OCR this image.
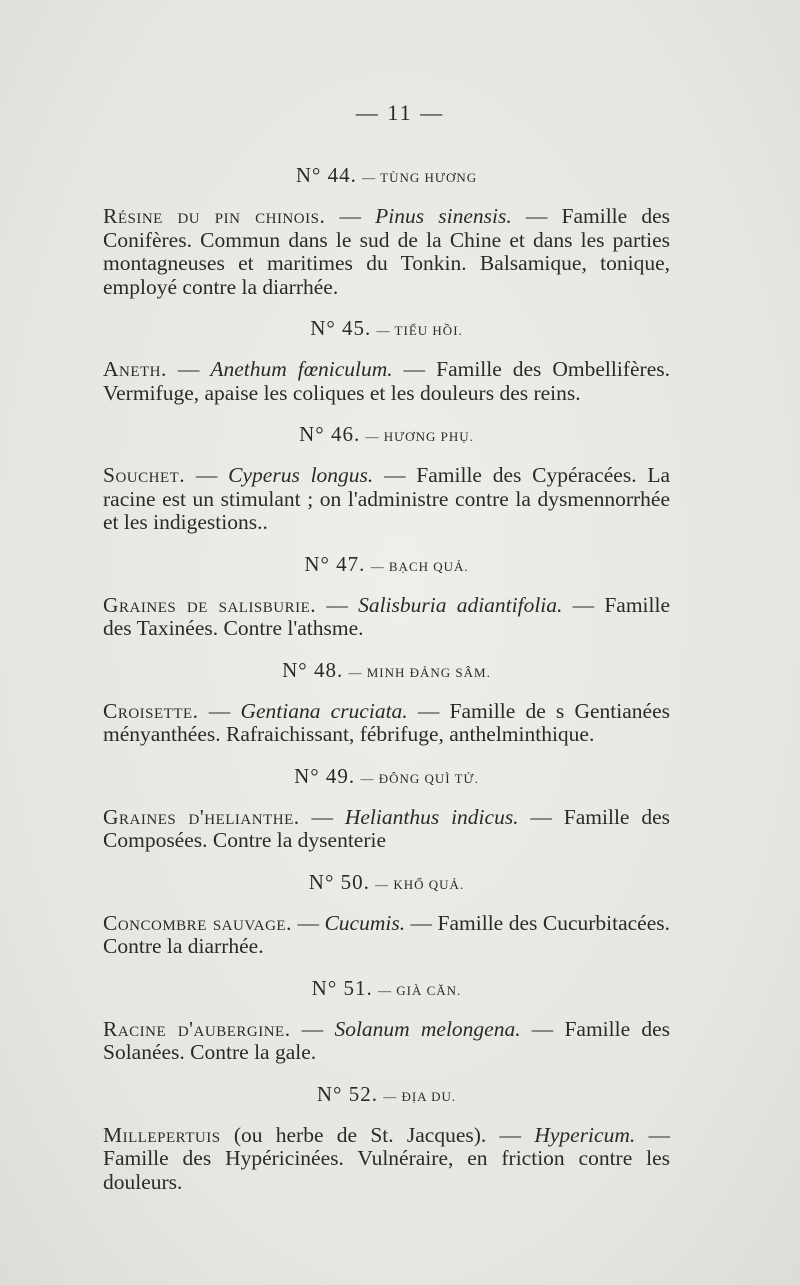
— 11 —
N° 44. — TÙNG HƯƠNG

Résine du pin chinois. — Pinus sinensis. — Famille des Conifères. Commun dans le sud de la Chine et dans les parties montagneuses et maritimes du Tonkin. Balsamique, tonique, employé contre la diarrhée.

N° 45. — TIỂU HỒI.

Aneth. — Anethum fœniculum. — Famille des Ombellifères. Vermifuge, apaise les coliques et les douleurs des reins.

N° 46. — HƯƠNG PHỤ.

Souchet. — Cyperus longus. — Famille des Cypéracées. La racine est un stimulant ; on l'administre contre la dysmennorrhée et les indigestions..

N° 47. — BẠCH QUẢ.

Graines de salisburie. — Salisburia adiantifolia. — Famille des Taxinées. Contre l'athsme.

N° 48. — MINH ĐẢNG SÂM.

Croisette. — Gentiana cruciata. — Famille de s Gentianées ményanthées. Rafraichissant, fébrifuge, anthelminthique.

N° 49. — ĐÔNG QUÌ TỬ.

Graines d'helianthe. — Helianthus indicus. — Famille des Composées. Contre la dysenterie

N° 50. — KHỔ QUẢ.

Concombre sauvage. — Cucumis. — Famille des Cucurbitacées. Contre la diarrhée.

N° 51. — GIÀ CĂN.

Racine d'aubergine. — Solanum melongena. — Famille des Solanées. Contre la gale.

N° 52. — ĐỊA DU.

Millepertuis (ou herbe de St. Jacques). — Hypericum. — Famille des Hypéricinées. Vulnéraire, en friction contre les douleurs.
